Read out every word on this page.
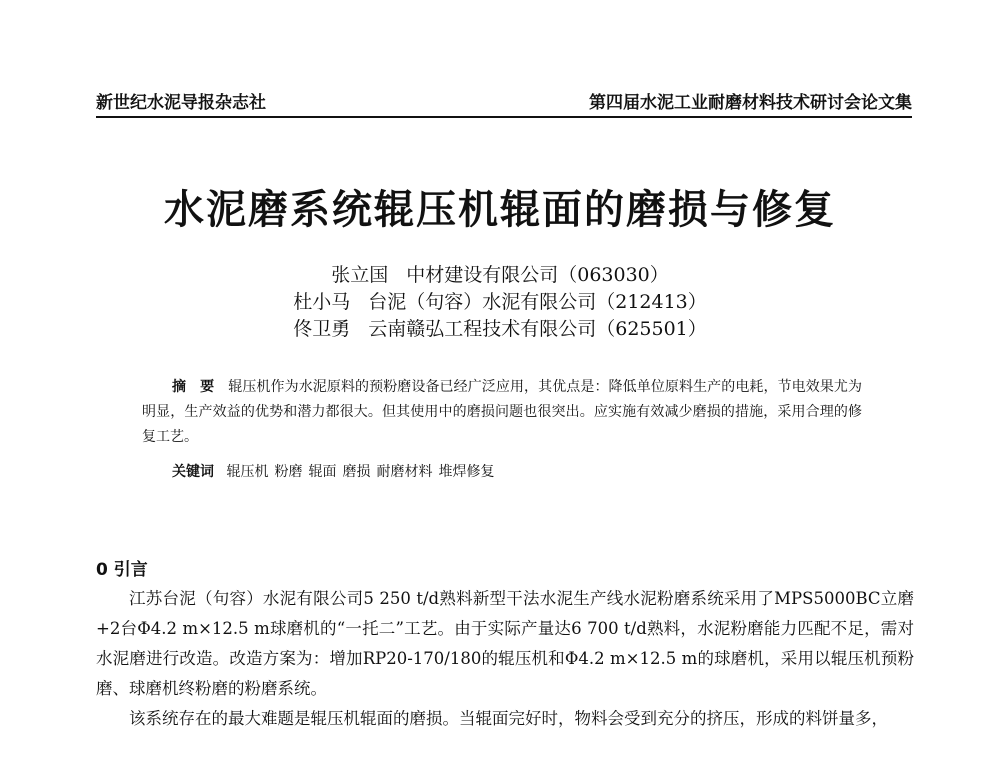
新世纪水泥导报杂志社	第四届水泥工业耐磨材料技术研讨会论文集
水泥磨系统辊压机辊面的磨损与修复
张立国 中材建设有限公司（063030）
杜小马 台泥（句容）水泥有限公司（212413）
佟卫勇 云南赣弘工程技术有限公司（625501）
摘　要 辊压机作为水泥原料的预粉磨设备已经广泛应用，其优点是：降低单位原料生产的电耗，节电效果尤为明显，生产效益的优势和潜力都很大。但其使用中的磨损问题也很突出。应实施有效减少磨损的措施，采用合理的修复工艺。
关键词 辊压机 粉磨 辊面 磨损 耐磨材料 堆焊修复
0 引言

江苏台泥（句容）水泥有限公司5 250 t/d熟料新型干法水泥生产线水泥粉磨系统采用了MPS5000BC立磨+2台Φ4.2 m×12.5 m球磨机的“一托二”工艺。由于实际产量达6 700 t/d熟料，水泥粉磨能力匹配不足，需对水泥磨进行改造。改造方案为：增加RP20-170/180的辊压机和Φ4.2 m×12.5 m的球磨机，采用以辊压机预粉磨、球磨机终粉磨的粉磨系统。

该系统存在的最大难题是辊压机辊面的磨损。当辊面完好时，物料会受到充分的挤压，形成的料饼量多，
